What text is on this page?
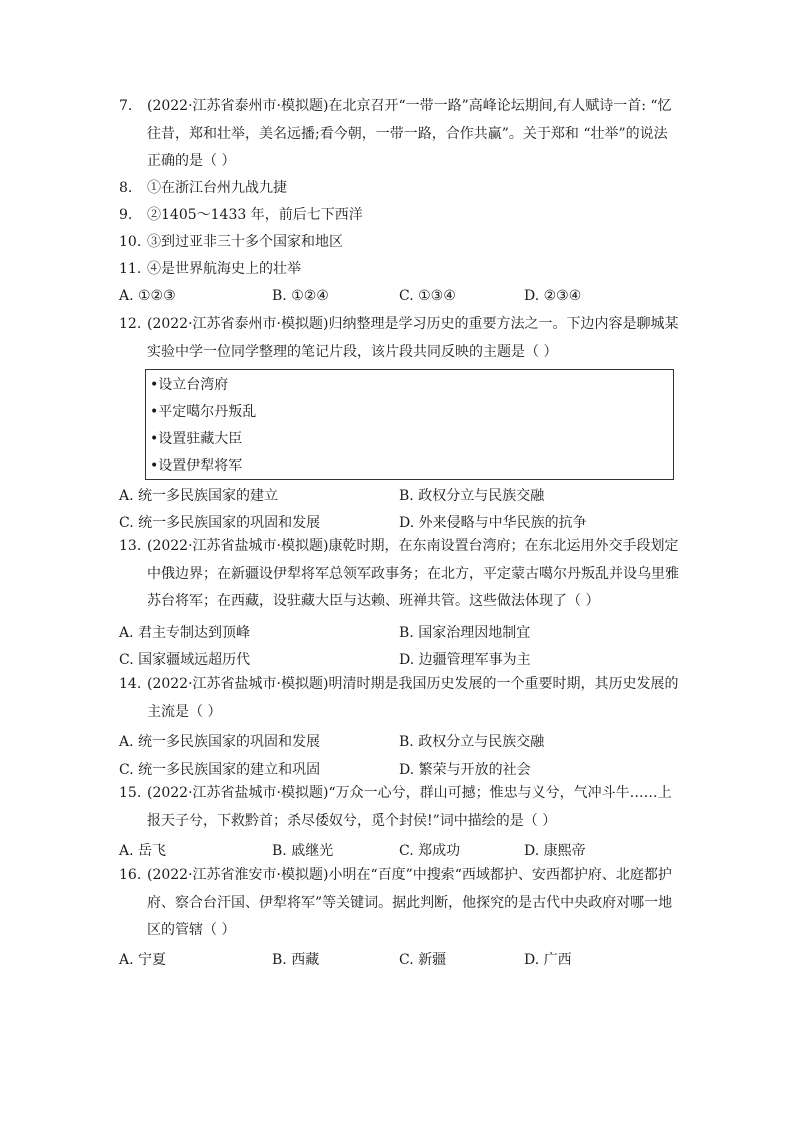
7.	(2022·江苏省泰州市·模拟题)在北京召开“一带一路”高峰论坛期间,有人赋诗一首: “忆往昔，郑和壮举，美名远播;看今朝，一带一路，合作共赢”。关于郑和 “壮举”的说法正确的是（ ）
8.	①在浙江台州九战九捷
9.	②1405～1433 年，前后七下西洋
10. ③到过亚非三十多个国家和地区
11. ④是世界航海史上的壮举
A. ①②③	B. ①②④	C. ①③④	D. ②③④
12. (2022·江苏省泰州市·模拟题)归纳整理是学习历史的重要方法之一。下边内容是聊城某实验中学一位同学整理的笔记片段，该片段共同反映的主题是（ ）
•设立台湾府
•平定噶尔丹叛乱
•设置驻藏大臣
•设置伊犁将军
A. 统一多民族国家的建立	B. 政权分立与民族交融
C. 统一多民族国家的巩固和发展	D. 外来侵略与中华民族的抗争
13. (2022·江苏省盐城市·模拟题)康乾时期，在东南设置台湾府；在东北运用外交手段划定中俄边界；在新疆设伊犁将军总领军政事务；在北方，平定蒙古噶尔丹叛乱并设乌里雅苏台将军；在西藏，设驻藏大臣与达赖、班禅共管。这些做法体现了（ ）
A. 君主专制达到顶峰	B. 国家治理因地制宜
C. 国家疆域远超历代	D. 边疆管理军事为主
14. (2022·江苏省盐城市·模拟题)明清时期是我国历史发展的一个重要时期，其历史发展的主流是（ ）
A. 统一多民族国家的巩固和发展	B. 政权分立与民族交融
C. 统一多民族国家的建立和巩固	D. 繁荣与开放的社会
15. (2022·江苏省盐城市·模拟题)“万众一心兮，群山可撼；惟忠与义兮，气冲斗牛……上报天子兮，下救黔首；杀尽倭奴兮，觅个封侯!”词中描绘的是（ ）
A. 岳飞	B. 戚继光	C. 郑成功	D. 康熙帝
16. (2022·江苏省淮安市·模拟题)小明在“百度”中搜索“西域都护、安西都护府、北庭都护府、察合台汗国、伊犁将军”等关键词。据此判断，他探究的是古代中央政府对哪一地区的管辖（ ）
A. 宁夏	B. 西藏	C. 新疆	D. 广西
